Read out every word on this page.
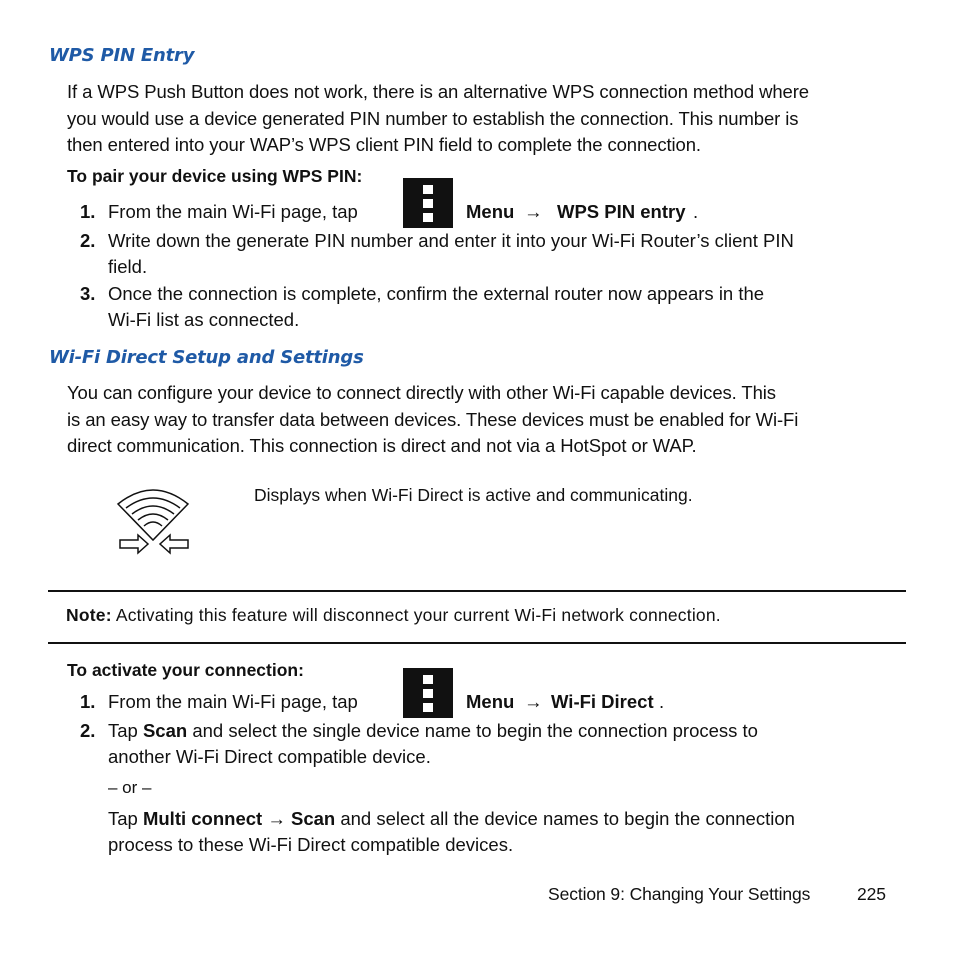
WPS PIN Entry
If a WPS Push Button does not work, there is an alternative WPS connection method where
you would use a device generated PIN number to establish the connection. This number is
then entered into your WAP’s WPS client PIN field to complete the connection.
To pair your device using WPS PIN:
1. From the main Wi-Fi page, tap	Menu → WPS PIN entry .
2. Write down the generate PIN number and enter it into your Wi-Fi Router’s client PIN
field.
3. Once the connection is complete, confirm the external router now appears in the
Wi-Fi list as connected.
Wi-Fi Direct Setup and Settings
You can configure your device to connect directly with other Wi-Fi capable devices. This
is an easy way to transfer data between devices. These devices must be enabled for Wi-Fi
direct communication. This connection is direct and not via a HotSpot or WAP.
Displays when Wi-Fi Direct is active and communicating.
Note: Activating this feature will disconnect your current Wi-Fi network connection.
To activate your connection:
1. From the main Wi-Fi page, tap	Menu → Wi-Fi Direct .
2. Tap Scan and select the single device name to begin the connection process to
another Wi-Fi Direct compatible device.
– or –
Tap Multi connect → Scan and select all the device names to begin the connection
process to these Wi-Fi Direct compatible devices.
Section 9: Changing Your Settings	225
